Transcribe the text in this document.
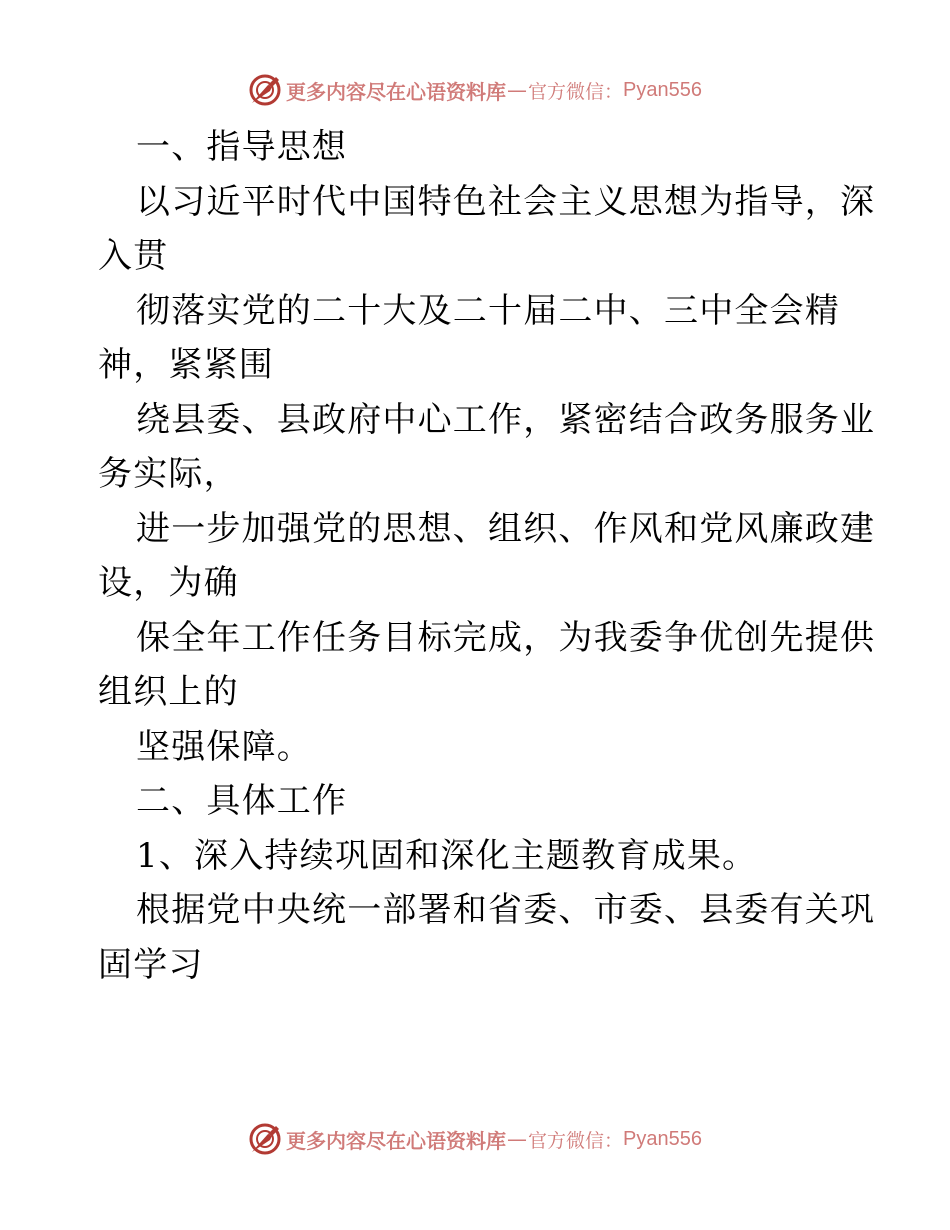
更多内容尽在心语资料库 — 官方微信： Pyan556
一、指导思想
以习近平时代中国特色社会主义思想为指导，深
入贯
彻落实党的二十大及二十届二中、三中全会精
神，紧紧围
绕县委、县政府中心工作，紧密结合政务服务业
务实际，
进一步加强党的思想、组织、作风和党风廉政建
设，为确
保全年工作任务目标完成，为我委争优创先提供
组织上的
坚强保障。
二、具体工作
1、深入持续巩固和深化主题教育成果。
根据党中央统一部署和省委、市委、县委有关巩
固学习
更多内容尽在心语资料库 — 官方微信： Pyan556
